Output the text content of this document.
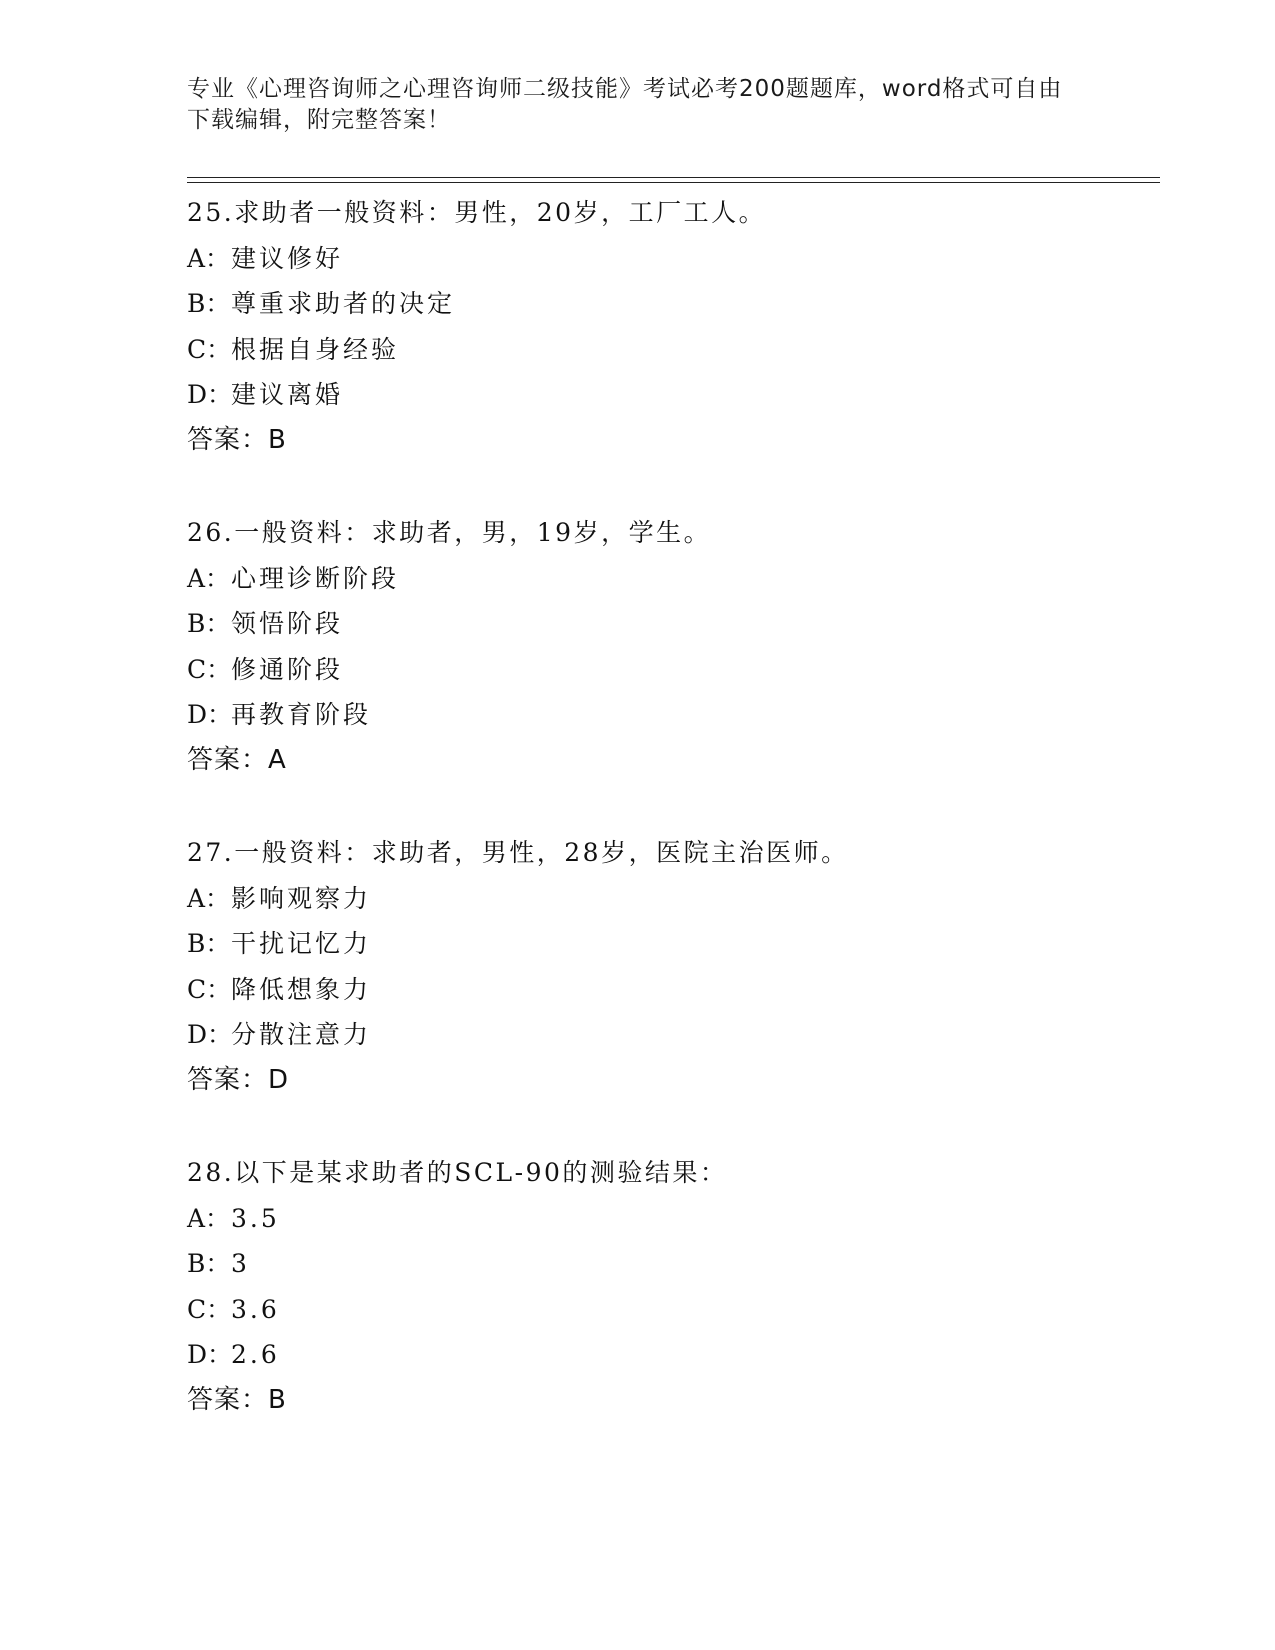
专业《心理咨询师之心理咨询师二级技能》考试必考200题题库，word格式可自由下载编辑，附完整答案！
25.求助者一般资料：男性，20岁，工厂工人。
A：建议修好
B：尊重求助者的决定
C：根据自身经验
D：建议离婚
答案：B
26.一般资料：求助者，男，19岁，学生。
A：心理诊断阶段
B：领悟阶段
C：修通阶段
D：再教育阶段
答案：A
27.一般资料：求助者，男性，28岁，医院主治医师。
A：影响观察力
B：干扰记忆力
C：降低想象力
D：分散注意力
答案：D
28.以下是某求助者的SCL-90的测验结果：
A：3.5
B：3
C：3.6
D：2.6
答案：B
